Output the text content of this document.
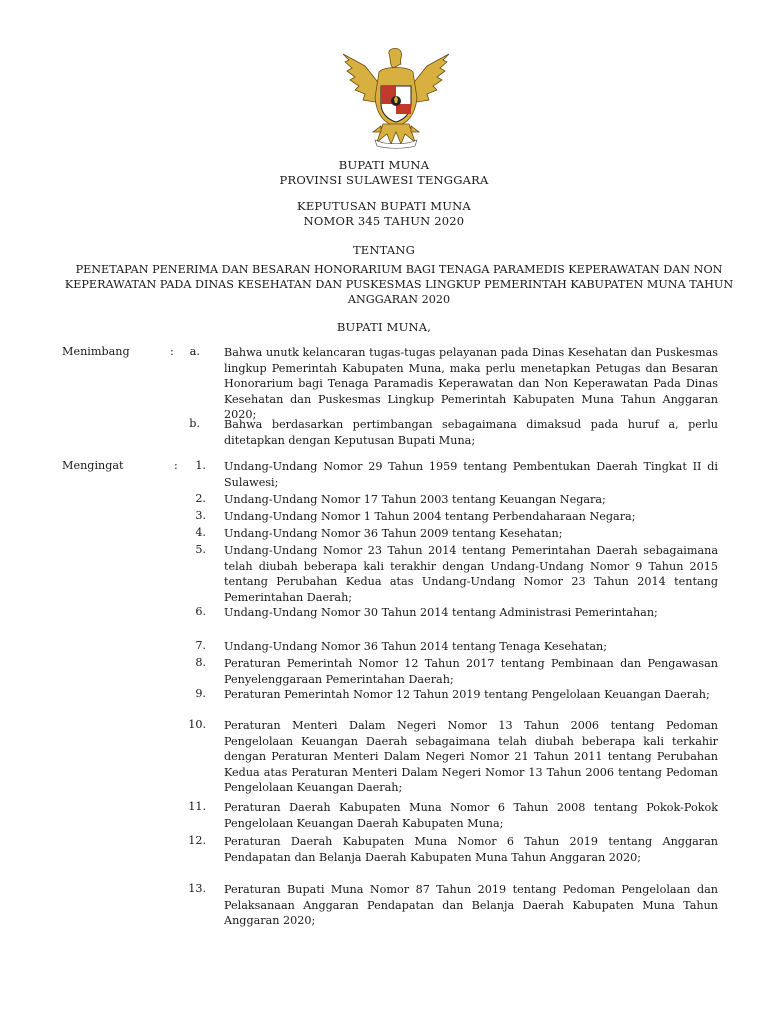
BUPATI MUNA
PROVINSI SULAWESI TENGGARA
KEPUTUSAN BUPATI MUNA
NOMOR 345 TAHUN 2020
TENTANG
PENETAPAN PENERIMA DAN BESARAN HONORARIUM BAGI TENAGA PARAMEDIS KEPERAWATAN DAN NON KEPERAWATAN PADA DINAS KESEHATAN DAN PUSKESMAS LINGKUP PEMERINTAH KABUPATEN MUNA TAHUN ANGGARAN 2020
BUPATI MUNA,
Menimbang	: a. Bahwa unutk kelancaran tugas-tugas pelayanan pada Dinas Kesehatan dan Puskesmas lingkup Pemerintah Kabupaten Muna, maka perlu menetapkan Petugas dan Besaran Honorarium bagi Tenaga Paramadis Keperawatan dan Non Keperawatan Pada Dinas Kesehatan dan Puskesmas Lingkup Pemerintah Kabupaten Muna Tahun Anggaran 2020;
b. Bahwa berdasarkan pertimbangan sebagaimana dimaksud pada huruf a, perlu ditetapkan dengan Keputusan Bupati Muna;
Mengingat	:	1. Undang-Undang Nomor 29 Tahun 1959 tentang Pembentukan Daerah Tingkat II di Sulawesi;
2. Undang-Undang Nomor 17 Tahun 2003 tentang Keuangan Negara;
3. Undang-Undang Nomor 1 Tahun 2004 tentang Perbendaharaan Negara;
4. Undang-Undang Nomor 36 Tahun 2009 tentang Kesehatan;
5. Undang-Undang Nomor 23 Tahun 2014 tentang Pemerintahan Daerah sebagaimana telah diubah beberapa kali terakhir dengan Undang-Undang Nomor 9 Tahun 2015 tentang Perubahan Kedua atas Undang-Undang Nomor 23 Tahun 2014 tentang Pemerintahan Daerah;
6. Undang-Undang Nomor 30 Tahun 2014 tentang Administrasi Pemerintahan;
7. Undang-Undang Nomor 36 Tahun 2014 tentang Tenaga Kesehatan;
8. Peraturan Pemerintah Nomor 12 Tahun 2017 tentang Pembinaan dan Pengawasan Penyelenggaraan Pemerintahan Daerah;
9. Peraturan Pemerintah Nomor 12 Tahun 2019 tentang Pengelolaan Keuangan Daerah;
10. Peraturan Menteri Dalam Negeri Nomor 13 Tahun 2006 tentang Pedoman Pengelolaan Keuangan Daerah sebagaimana telah diubah beberapa kali terkahir dengan Peraturan Menteri Dalam Negeri Nomor 21 Tahun 2011 tentang Perubahan Kedua atas Peraturan Menteri Dalam Negeri Nomor 13 Tahun 2006 tentang Pedoman Pengelolaan Keuangan Daerah;
11. Peraturan Daerah Kabupaten Muna Nomor 6 Tahun 2008 tentang Pokok-Pokok Pengelolaan Keuangan Daerah Kabupaten Muna;
12. Peraturan Daerah Kabupaten Muna Nomor 6 Tahun 2019 tentang Anggaran Pendapatan dan Belanja Daerah Kabupaten Muna Tahun Anggaran 2020;
13. Peraturan Bupati Muna Nomor 87 Tahun 2019 tentang Pedoman Pengelolaan dan Pelaksanaan Anggaran Pendapatan dan Belanja Daerah Kabupaten Muna Tahun Anggaran 2020;
